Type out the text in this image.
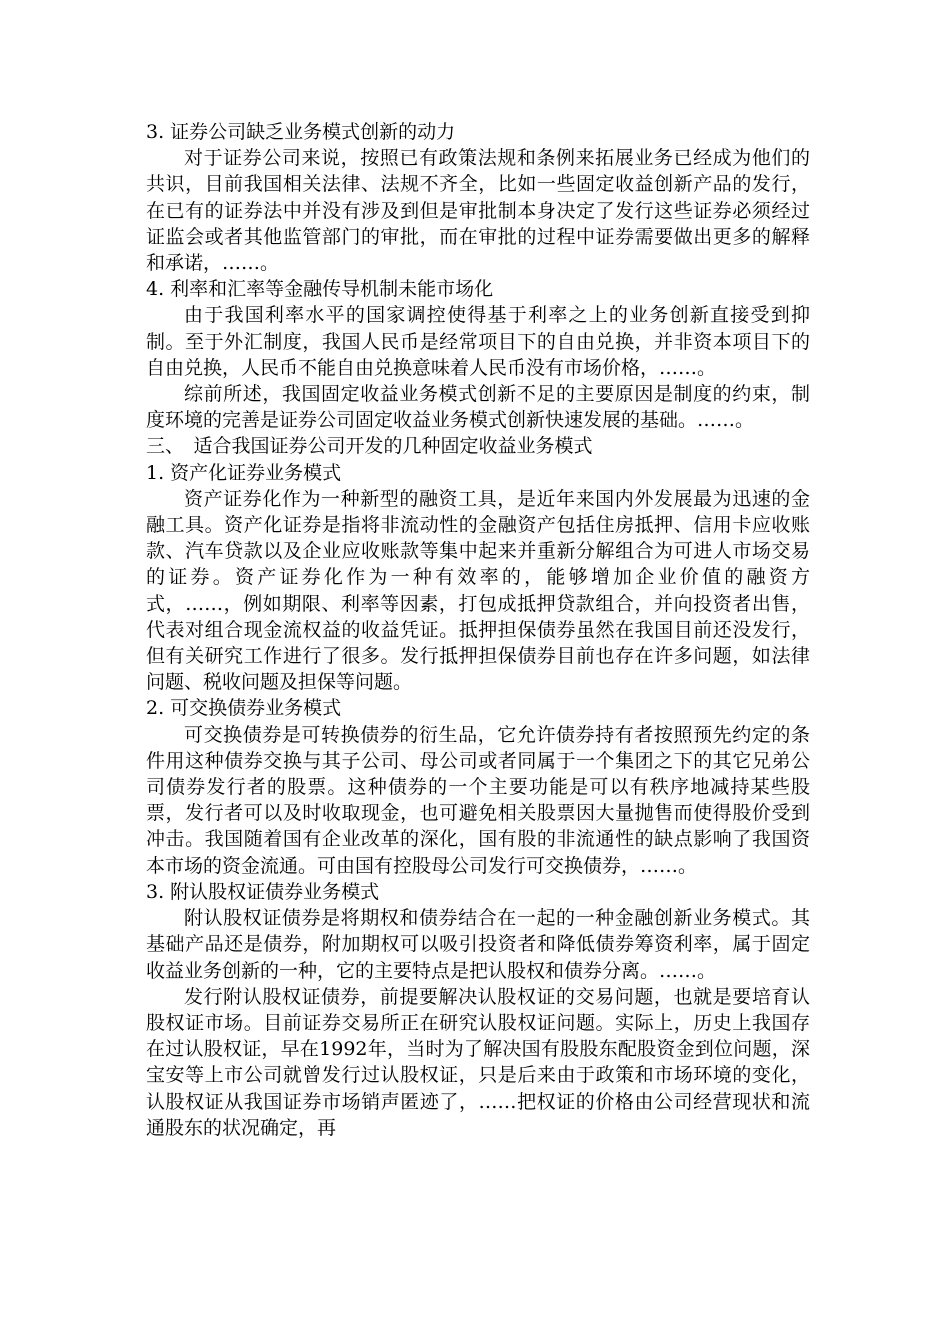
3. 证券公司缺乏业务模式创新的动力

对于证券公司来说，按照已有政策法规和条例来拓展业务已经成为他们的共识，目前我国相关法律、法规不齐全，比如一些固定收益创新产品的发行，在已有的证券法中并没有涉及到但是审批制本身决定了发行这些证券必须经过证监会或者其他监管部门的审批，而在审批的过程中证券需要做出更多的解释和承诺，……。

4. 利率和汇率等金融传导机制未能市场化

由于我国利率水平的国家调控使得基于利率之上的业务创新直接受到抑制。至于外汇制度，我国人民币是经常项目下的自由兑换，并非资本项目下的自由兑换，人民币不能自由兑换意味着人民币没有市场价格，……。

综前所述，我国固定收益业务模式创新不足的主要原因是制度的约束，制度环境的完善是证券公司固定收益业务模式创新快速发展的基础。……。

三、　适合我国证券公司开发的几种固定收益业务模式

1. 资产化证券业务模式

资产证券化作为一种新型的融资工具，是近年来国内外发展最为迅速的金融工具。资产化证券是指将非流动性的金融资产包括住房抵押、信用卡应收账款、汽车贷款以及企业应收账款等集中起来并重新分解组合为可进人市场交易的证券。资产证券化作为一种有效率的，能够增加企业价值的融资方式，……，例如期限、利率等因素，打包成抵押贷款组合，并向投资者出售，代表对组合现金流权益的收益凭证。抵押担保债券虽然在我国目前还没发行，但有关研究工作进行了很多。发行抵押担保债券目前也存在许多问题，如法律问题、税收问题及担保等问题。

2. 可交换债券业务模式

可交换债券是可转换债券的衍生品，它允许债券持有者按照预先约定的条件用这种债券交换与其子公司、母公司或者同属于一个集团之下的其它兄弟公司债券发行者的股票。这种债券的一个主要功能是可以有秩序地减持某些股票，发行者可以及时收取现金，也可避免相关股票因大量抛售而使得股价受到冲击。我国随着国有企业改革的深化，国有股的非流通性的缺点影响了我国资本市场的资金流通。可由国有控股母公司发行可交换债券，……。

3. 附认股权证债券业务模式

附认股权证债券是将期权和债券结合在一起的一种金融创新业务模式。其基础产品还是债券，附加期权可以吸引投资者和降低债券筹资利率，属于固定收益业务创新的一种，它的主要特点是把认股权和债券分离。……。

发行附认股权证债券，前提要解决认股权证的交易问题，也就是要培育认股权证市场。目前证券交易所正在研究认股权证问题。实际上，历史上我国存在过认股权证，早在1992年，当时为了解决国有股股东配股资金到位问题，深宝安等上市公司就曾发行过认股权证，只是后来由于政策和市场环境的变化，认股权证从我国证券市场销声匿迹了，……把权证的价格由公司经营现状和流通股东的状况确定，再
